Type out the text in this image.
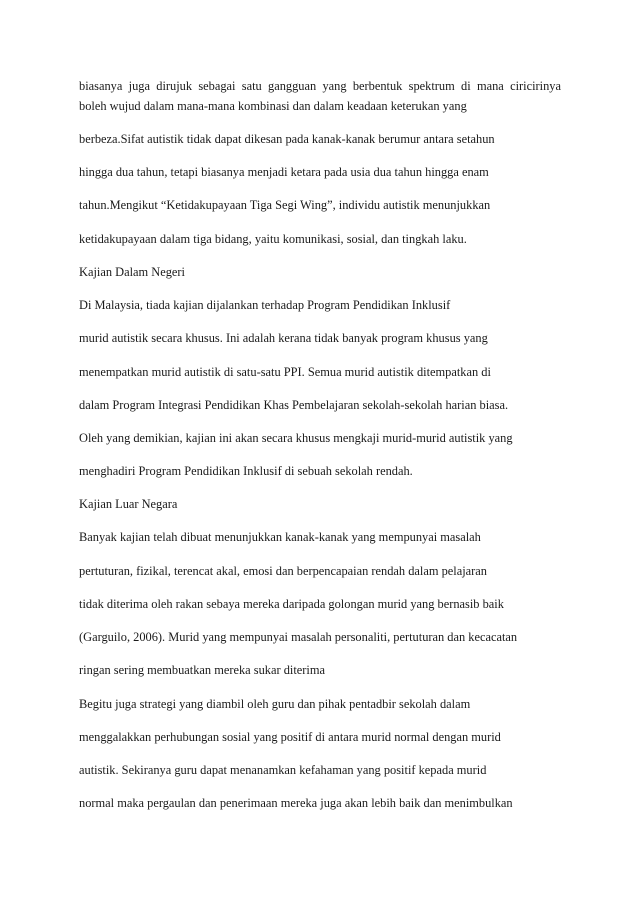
biasanya juga dirujuk sebagai satu gangguan yang berbentuk spektrum di mana ciricirinya

boleh wujud dalam mana-mana kombinasi dan dalam keadaan keterukan yang

berbeza.Sifat autistik tidak dapat dikesan pada kanak-kanak berumur antara setahun

hingga dua tahun, tetapi biasanya menjadi ketara pada usia dua tahun hingga enam

tahun.Mengikut “Ketidakupayaan Tiga Segi Wing”, individu autistik menunjukkan

ketidakupayaan dalam tiga bidang, yaitu komunikasi, sosial, dan tingkah laku.

Kajian Dalam Negeri

Di Malaysia, tiada kajian dijalankan terhadap Program Pendidikan Inklusif

murid autistik secara khusus. Ini adalah kerana tidak banyak program khusus yang

menempatkan murid autistik di satu-satu PPI. Semua murid autistik ditempatkan di

dalam Program Integrasi Pendidikan Khas Pembelajaran sekolah-sekolah harian biasa.

Oleh yang demikian, kajian ini akan secara khusus mengkaji murid-murid autistik yang

menghadiri Program Pendidikan Inklusif di sebuah sekolah rendah.

Kajian Luar Negara

Banyak kajian telah dibuat menunjukkan kanak-kanak yang mempunyai masalah

pertuturan, fizikal, terencat akal, emosi dan berpencapaian rendah dalam pelajaran

tidak diterima oleh rakan sebaya mereka daripada golongan murid yang bernasib baik

(Garguilo, 2006). Murid yang mempunyai masalah personaliti, pertuturan dan kecacatan

ringan sering membuatkan mereka sukar diterima

Begitu juga strategi yang diambil oleh guru dan pihak pentadbir sekolah dalam

menggalakkan perhubungan sosial yang positif di antara murid normal dengan murid

autistik. Sekiranya guru dapat menanamkan kefahaman yang positif kepada murid

normal maka pergaulan dan penerimaan mereka juga akan lebih baik dan menimbulkan
